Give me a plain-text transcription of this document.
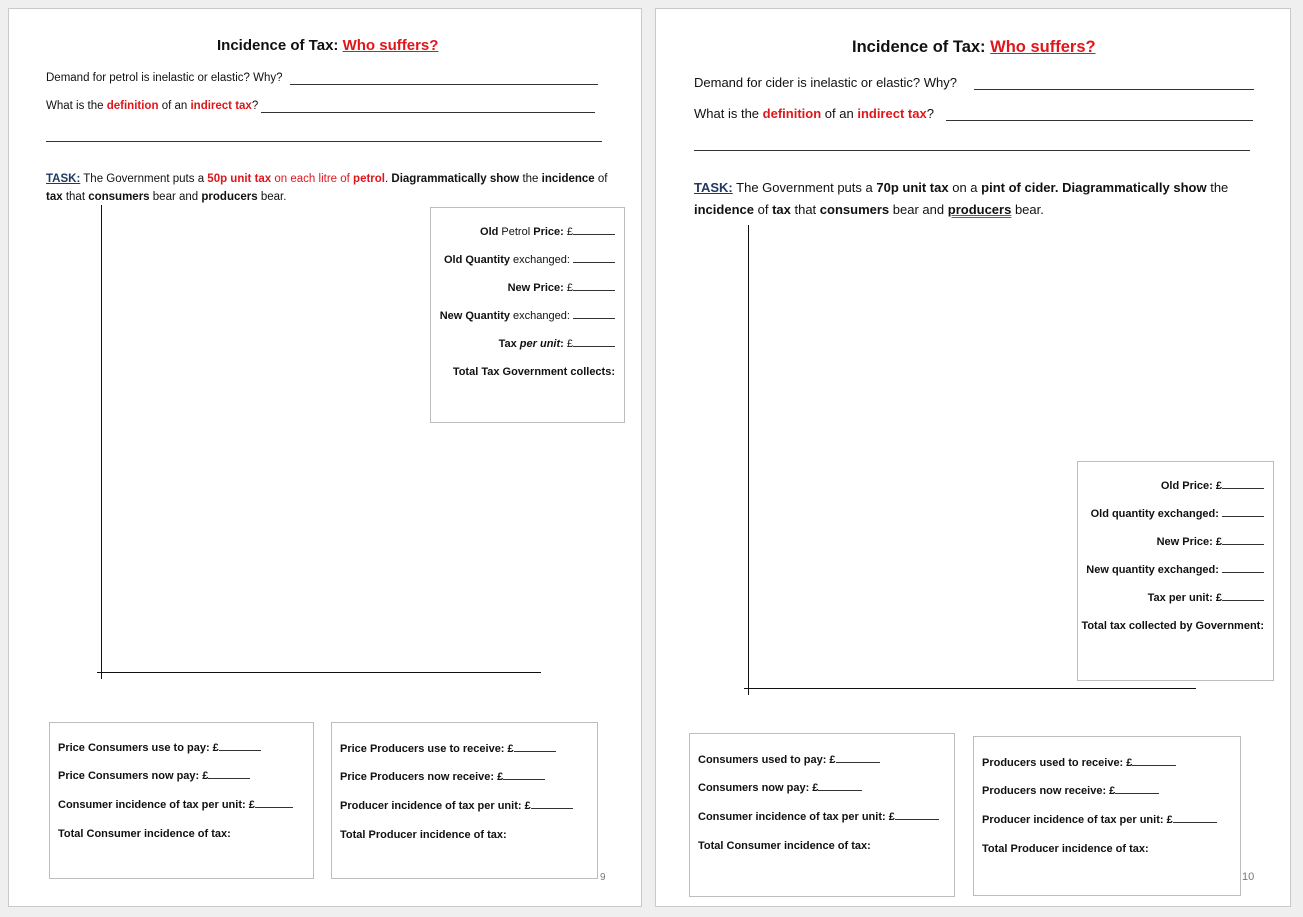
Incidence of Tax: Who suffers?
Demand for petrol is inelastic or elastic? Why?
What is the definition of an indirect tax?
TASK: The Government puts a 50p unit tax on each litre of petrol. Diagrammatically show the incidence of
tax that consumers bear and producers bear.
Old Petrol Price: £
Old Quantity exchanged:
New Price: £
New Quantity exchanged:
Tax per unit: £
Total Tax Government collects:
Price Consumers use to pay: £
Price Consumers now pay: £
Consumer incidence of tax per unit: £
Total Consumer incidence of tax:
Price Producers use to receive: £
Price Producers now receive: £
Producer incidence of tax per unit: £
Total Producer incidence of tax:
9
Incidence of Tax: Who suffers?
Demand for cider is inelastic or elastic? Why?
What is the definition of an indirect tax?
TASK: The Government puts a 70p unit tax on a pint of cider. Diagrammatically show the
incidence of tax that consumers bear and producers bear.
Old Price: £
Old quantity exchanged:
New Price: £
New quantity exchanged:
Tax per unit: £
Total tax collected by Government:
Consumers used to pay: £
Consumers now pay: £
Consumer incidence of tax per unit: £
Total Consumer incidence of tax:
Producers used to receive: £
Producers now receive: £
Producer incidence of tax per unit: £
Total Producer incidence of tax:
10
